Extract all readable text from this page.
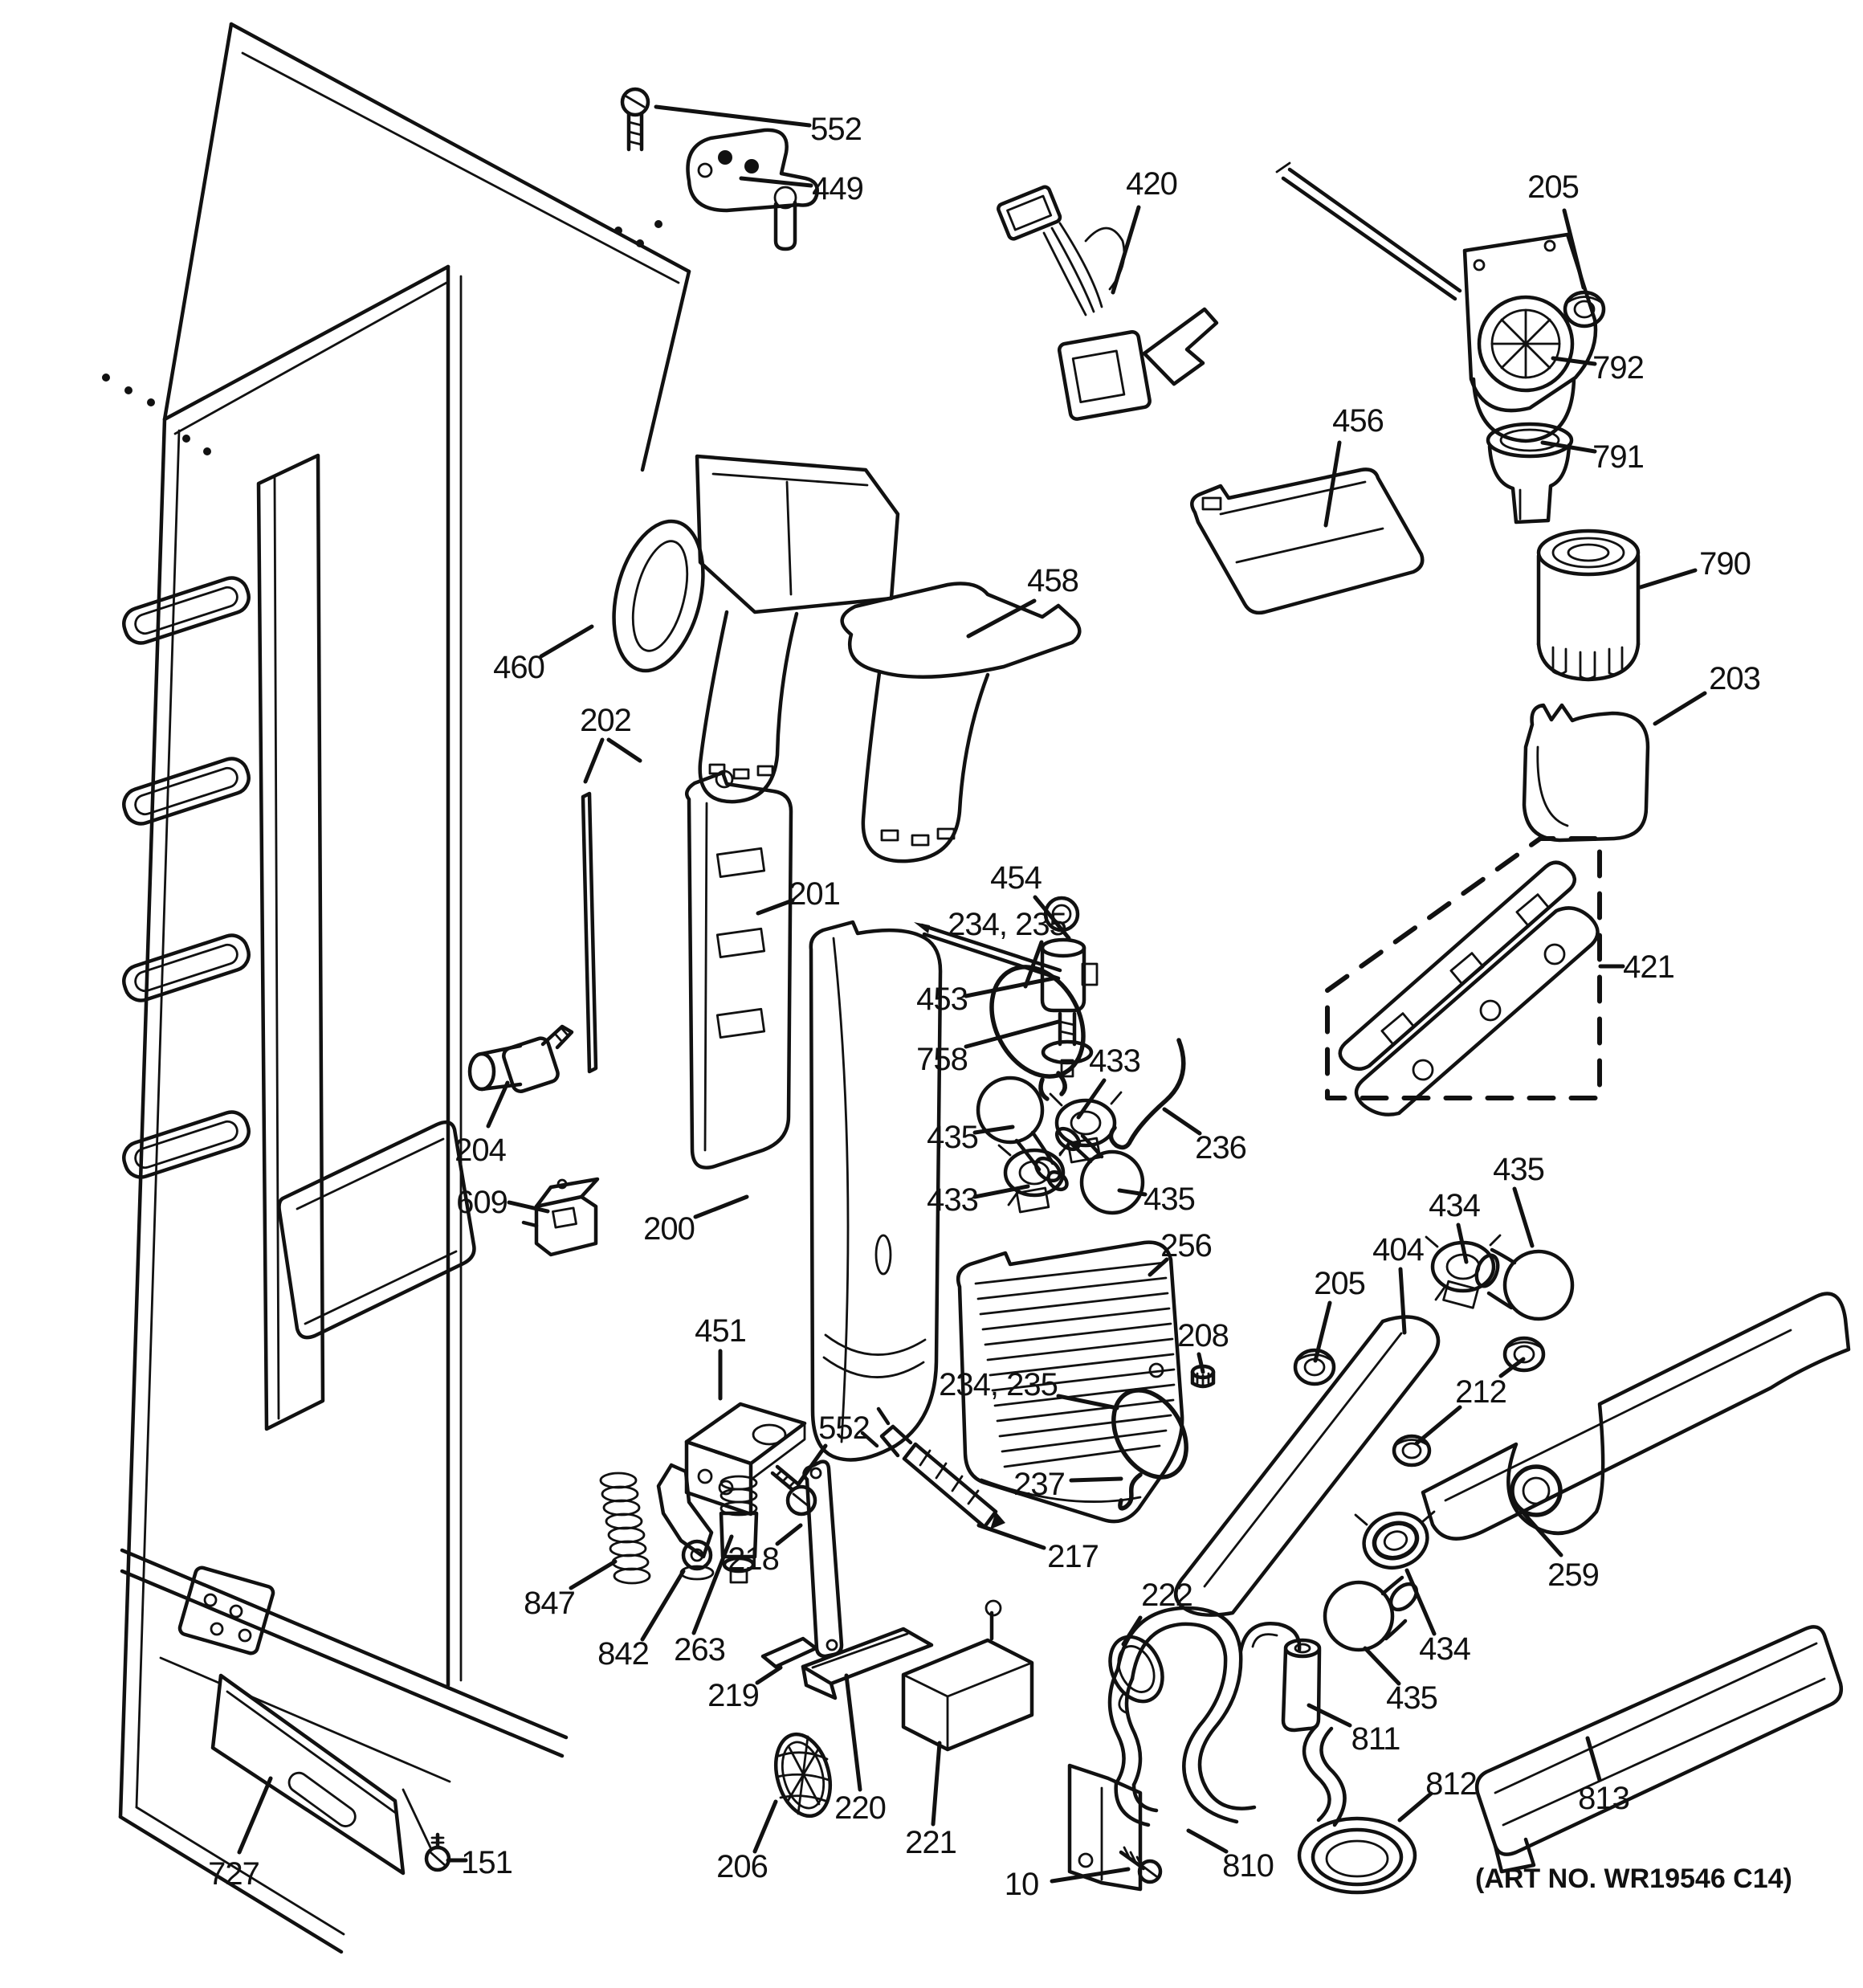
552
449	420	205
792
791
790
203
456
460
202
458
201	454
453
758	433
435	236
433	435
234, 235
256
208
205
404
434
435
212
259
451
552
234, 235
237
218	217
222
847
842 263
219
220
221
206
435
434
811
810
10
812	813
727	151
204
609
200
421
(ART NO. WR19546 C14)
